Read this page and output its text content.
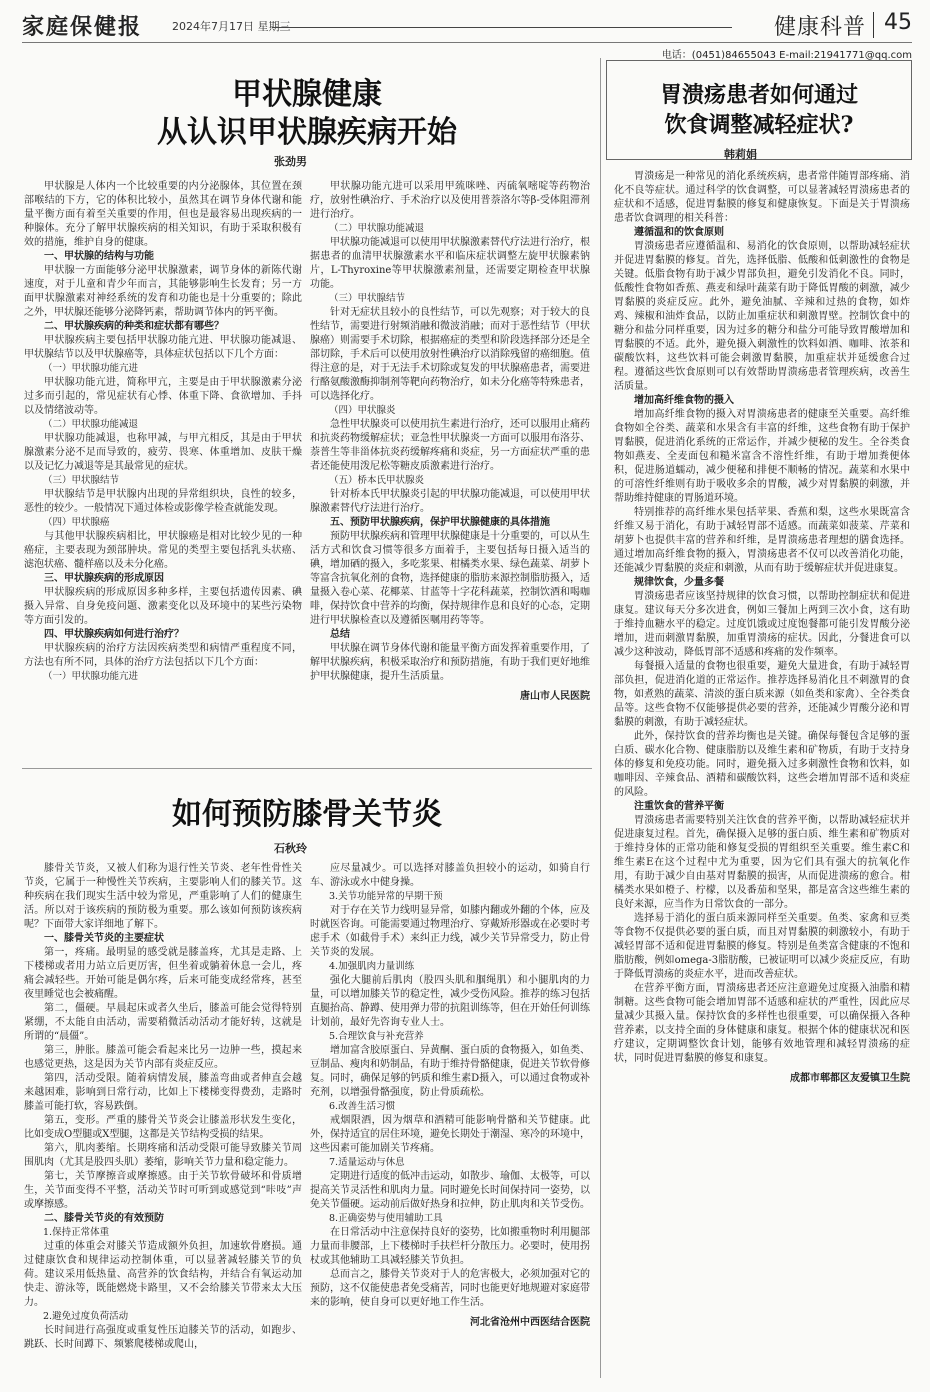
家庭保健报	2024年7月17日 星期三	健康科普 45
电话：(0451)84655043 E-mail:21941771@qq.com
甲状腺健康
从认识甲状腺疾病开始
张劲男

甲状腺是人体内一个比较重要的内分泌腺体，其位置在颈部喉结的下方，它的体积比较小，虽然其在调节身体代谢和能量平衡方面有着至关重要的作用，但也是最容易出现疾病的一种腺体。充分了解甲状腺疾病的相关知识，有助于采取积极有效的措施，维护自身的健康。

一、甲状腺的结构与功能

甲状腺一方面能够分泌甲状腺激素，调节身体的新陈代谢速度，对于儿童和青少年而言，其能够影响生长发育；另一方面甲状腺激素对神经系统的发育和功能也是十分重要的；除此之外，甲状腺还能够分泌降钙素，帮助调节体内的钙平衡。

二、甲状腺疾病的种类和症状都有哪些？

甲状腺疾病主要包括甲状腺功能亢进、甲状腺功能减退、甲状腺结节以及甲状腺癌等，具体症状包括以下几个方面：

（一）甲状腺功能亢进

甲状腺功能亢进，简称甲亢，主要是由于甲状腺激素分泌过多而引起的，常见症状有心悸、体重下降、食欲增加、手抖以及情绪波动等。

（二）甲状腺功能减退

甲状腺功能减退，也称甲减，与甲亢相反，其是由于甲状腺激素分泌不足而导致的，疲劳、畏寒、体重增加、皮肤干燥以及记忆力减退等是其最常见的症状。

（三）甲状腺结节

甲状腺结节是甲状腺内出现的异常组织块，良性的较多，恶性的较少。一般情况下通过体检或影像学检查就能发现。

（四）甲状腺癌

与其他甲状腺疾病相比，甲状腺癌是相对比较少见的一种癌症，主要表现为颈部肿块。常见的类型主要包括乳头状癌、滤泡状癌、髓样癌以及未分化癌。

三、甲状腺疾病的形成原因

甲状腺疾病的形成原因多种多样，主要包括遗传因素、碘摄入异常、自身免疫问题、激素变化以及环境中的某些污染物等方面引发的。

四、甲状腺疾病如何进行治疗？

甲状腺疾病的治疗方法因疾病类型和病情严重程度不同，方法也有所不同，具体的治疗方法包括以下几个方面：

（一）甲状腺功能亢进

甲状腺功能亢进可以采用甲巯咪唑、丙硫氧嘧啶等药物治疗，放射性碘治疗、手术治疗以及使用普萘洛尔等β-受体阻滞剂进行治疗。

（二）甲状腺功能减退

甲状腺功能减退可以使用甲状腺激素替代疗法进行治疗，根据患者的血清甲状腺激素水平和临床症状调整左旋甲状腺素钠片，L-Thyroxine等甲状腺激素剂量，还需要定期检查甲状腺功能。

（三）甲状腺结节

针对无症状且较小的良性结节，可以先观察；对于较大的良性结节，需要进行射频消融和微波消融；而对于恶性结节（甲状腺癌）则需要手术切除，根据癌症的类型和阶段选择部分还是全部切除，手术后可以使用放射性碘治疗以消除残留的癌细胞。值得注意的是，对于无法手术切除或复发的甲状腺癌患者，需要进行酪氨酸激酶抑制剂等靶向药物治疗，如未分化癌等特殊患者，可以选择化疗。

（四）甲状腺炎

急性甲状腺炎可以使用抗生素进行治疗，还可以服用止痛药和抗炎药物缓解症状；亚急性甲状腺炎一方面可以服用布洛芬、萘普生等非甾体抗炎药缓解疼痛和炎症，另一方面症状严重的患者还能使用泼尼松等糖皮质激素进行治疗。

（五）桥本氏甲状腺炎

针对桥本氏甲状腺炎引起的甲状腺功能减退，可以使用甲状腺激素替代疗法进行治疗。

五、预防甲状腺疾病，保护甲状腺健康的具体措施

预防甲状腺疾病和管理甲状腺健康是十分重要的，可以从生活方式和饮食习惯等很多方面着手，主要包括每日摄入适当的碘，增加硒的摄入，多吃浆果、柑橘类水果、绿色蔬菜、胡萝卜等富含抗氧化剂的食物，选择健康的脂肪来源控制脂肪摄入，适量摄入卷心菜、花椰菜、甘蓝等十字花科蔬菜，控制饮酒和喝咖啡，保持饮食中营养的均衡，保持规律作息和良好的心态，定期进行甲状腺检查以及遵循医嘱用药等等。

总结

甲状腺在调节身体代谢和能量平衡方面发挥着重要作用，了解甲状腺疾病，积极采取治疗和预防措施，有助于我们更好地维护甲状腺健康，提升生活质量。

唐山市人民医院

如何预防膝骨关节炎
石秋玲

膝骨关节炎，又被人们称为退行性关节炎、老年性骨性关节炎，它属于一种慢性关节疾病，主要影响人们的膝关节。这种疾病在我们现实生活中较为常见，严重影响了人们的健康生活。所以对于该疾病的预防极为重要。那么该如何预防该疾病呢？下面带大家详细地了解下。

一、膝骨关节炎的主要症状

第一，疼痛。最明显的感受就是膝盖疼，尤其是走路、上下楼梯或者用力站立后更厉害，但坐着或躺着休息一会儿，疼痛会减轻些。开始可能是偶尔疼，后来可能变成经常疼，甚至夜里睡觉也会被痛醒。

第二，僵硬。早晨起床或者久坐后，膝盖可能会觉得特别紧绷，不太能自由活动，需要稍微活动活动才能好转，这就是所谓的“晨僵”。

第三，肿胀。膝盖可能会看起来比另一边肿一些，摸起来也感觉更热，这是因为关节内部有炎症反应。

第四，活动受限。随着病情发展，膝盖弯曲或者伸直会越来越困难，影响到日常行动，比如上下楼梯变得费劲，走路时膝盖可能打软，容易跌倒。

第五，变形。严重的膝骨关节炎会让膝盖形状发生变化，比如变成O型腿或X型腿，这都是关节结构受损的结果。

第六，肌肉萎缩。长期疼痛和活动受限可能导致膝关节周围肌肉（尤其是股四头肌）萎缩，影响关节力量和稳定能力。

第七，关节摩擦音或摩擦感。由于关节软骨破坏和骨质增生，关节面变得不平整，活动关节时可听到或感觉到“咔吱”声或摩擦感。

二、膝骨关节炎的有效预防

1.保持正常体重

过重的体重会对膝关节造成额外负担，加速软骨磨损。通过健康饮食和规律运动控制体重，可以显著减轻膝关节的负荷。建议采用低热量、高营养的饮食结构，并结合有氧运动加快走、游泳等，既能燃烧卡路里，又不会给膝关节带来太大压力。

2.避免过度负荷活动

长时间进行高强度或重复性压迫膝关节的活动，如跑步、跳跃、长时间蹲下、频繁爬楼梯或爬山，

应尽量减少。可以选择对膝盖负担较小的运动，如骑自行车、游泳或水中健身操。

3.关节功能异常的早期干预

对于存在关节力线明显异常，如膝内翻或外翻的个体，应及时就医咨询。可能需要通过物理治疗、穿戴矫形器或在必要时考虑手术（如截骨手术）来纠正力线，减少关节异常受力，防止骨关节炎的发展。

4.加强肌肉力量训练

强化大腿前后肌肉（股四头肌和腘绳肌）和小腿肌肉的力量，可以增加膝关节的稳定性，减少受伤风险。推荐的练习包括直腿抬高、静蹲、使用弹力带的抗阻训练等，但在开始任何训练计划前，最好先咨询专业人士。

5.合理饮食与补充营养

增加富含胶原蛋白、异黄酮、蛋白质的食物摄入，如鱼类、豆制品、瘦肉和奶制品，有助于维持骨骼健康，促进关节软骨修复。同时，确保足够的钙质和维生素D摄入，可以通过食物或补充剂，以增强骨骼强度，防止骨质疏松。

6.改善生活习惯

戒烟限酒，因为烟草和酒精可能影响骨骼和关节健康。此外，保持适宜的居住环境，避免长期处于潮湿、寒冷的环境中，这些因素可能加剧关节疼痛。

7.适量运动与休息

定期进行适度的低冲击运动，如散步、瑜伽、太极等，可以提高关节灵活性和肌肉力量。同时避免长时间保持同一姿势，以免关节僵硬。运动前后做好热身和拉伸，防止肌肉和关节受伤。

8.正确姿势与使用辅助工具

在日常活动中注意保持良好的姿势，比如搬重物时利用腿部力量而非腰部，上下楼梯时手扶栏杆分散压力。必要时，使用拐杖或其他辅助工具减轻膝关节负担。

总而言之，膝骨关节炎对于人的危害极大，必须加强对它的预防，这不仅能使患者免受痛苦，同时也能更好地规避对家庭带来的影响，使自身可以更好地工作生活。

河北省沧州中西医结合医院

胃溃疡患者如何通过
饮食调整减轻症状?
韩莉娟

胃溃疡是一种常见的消化系统疾病，患者常伴随胃部疼痛、消化不良等症状。通过科学的饮食调整，可以显著减轻胃溃疡患者的症状和不适感，促进胃黏膜的修复和健康恢复。下面是关于胃溃疡患者饮食调理的相关科普：

遵循温和的饮食原则

胃溃疡患者应遵循温和、易消化的饮食原则，以帮助减轻症状并促进胃黏膜的修复。首先，选择低脂、低酸和低刺激性的食物是关键。低脂食物有助于减少胃部负担，避免引发消化不良。同时，低酸性食物如香蕉、燕麦和绿叶蔬菜有助于降低胃酸的刺激，减少胃黏膜的炎症反应。此外，避免油腻、辛辣和过热的食物，如炸鸡、辣椒和油炸食品，以防止加重症状和刺激胃壁。控制饮食中的糖分和盐分同样重要，因为过多的糖分和盐分可能导致胃酸增加和胃黏膜的不适。此外，避免摄入刺激性的饮料如酒、咖啡、浓茶和碳酸饮料，这些饮料可能会刺激胃黏膜，加重症状并延缓愈合过程。遵循这些饮食原则可以有效帮助胃溃疡患者管理疾病，改善生活质量。

增加高纤维食物的摄入

增加高纤维食物的摄入对胃溃疡患者的健康至关重要。高纤维食物如全谷类、蔬菜和水果含有丰富的纤维，这些食物有助于保护胃黏膜，促进消化系统的正常运作，并减少便秘的发生。全谷类食物如燕麦、全麦面包和糙米富含不溶性纤维，有助于增加粪便体积，促进肠道蠕动，减少便秘和排便不顺畅的情况。蔬菜和水果中的可溶性纤维则有助于吸收多余的胃酸，减少对胃黏膜的刺激，并帮助维持健康的胃肠道环境。

特别推荐的高纤维水果包括苹果、香蕉和梨，这些水果既富含纤维又易于消化，有助于减轻胃部不适感。而蔬菜如菠菜、芹菜和胡萝卜也提供丰富的营养和纤维，是胃溃疡患者理想的膳食选择。通过增加高纤维食物的摄入，胃溃疡患者不仅可以改善消化功能，还能减少胃黏膜的炎症和刺激，从而有助于缓解症状并促进康复。

规律饮食，少量多餐

胃溃疡患者应该坚持规律的饮食习惯，以帮助控制症状和促进康复。建议每天分多次进食，例如三餐加上两到三次小食，这有助于维持血糖水平的稳定。过度饥饿或过度饱餐都可能引发胃酸分泌增加，进而刺激胃黏膜，加重胃溃疡的症状。因此，分餐进食可以减少这种波动，降低胃部不适感和疼痛的发作频率。

每餐摄入适量的食物也很重要，避免大量进食，有助于减轻胃部负担，促进消化道的正常运作。推荐选择易消化且不刺激胃的食物，如煮熟的蔬菜、清淡的蛋白质来源（如鱼类和家禽）、全谷类食品等。这些食物不仅能够提供必要的营养，还能减少胃酸分泌和胃黏膜的刺激，有助于减轻症状。

此外，保持饮食的营养均衡也是关键。确保每餐包含足够的蛋白质、碳水化合物、健康脂肪以及维生素和矿物质，有助于支持身体的修复和免疫功能。同时，避免摄入过多刺激性食物和饮料，如咖啡因、辛辣食品、酒精和碳酸饮料，这些会增加胃部不适和炎症的风险。

注重饮食的营养平衡

胃溃疡患者需要特别关注饮食的营养平衡，以帮助减轻症状并促进康复过程。首先，确保摄入足够的蛋白质、维生素和矿物质对于维持身体的正常功能和修复受损的胃组织至关重要。维生素C和维生素E在这个过程中尤为重要，因为它们具有强大的抗氧化作用，有助于减少自由基对胃黏膜的损害，从而促进溃疡的愈合。柑橘类水果如橙子、柠檬，以及番茄和坚果，都是富含这些维生素的良好来源，应当作为日常饮食的一部分。

选择易于消化的蛋白质来源同样至关重要。鱼类、家禽和豆类等食物不仅提供必要的蛋白质，而且对胃黏膜的刺激较小，有助于减轻胃部不适和促进胃黏膜的修复。特别是鱼类富含健康的不饱和脂肪酸，例如omega-3脂肪酸，已被证明可以减少炎症反应，有助于降低胃溃疡的炎症水平，进而改善症状。

在营养平衡方面，胃溃疡患者还应注意避免过度摄入油脂和精制糖。这些食物可能会增加胃部不适感和症状的严重性，因此应尽量减少其摄入量。保持饮食的多样性也很重要，可以确保摄入各种营养素，以支持全面的身体健康和康复。根据个体的健康状况和医疗建议，定期调整饮食计划，能够有效地管理和减轻胃溃疡的症状，同时促进胃黏膜的修复和康复。

成都市郫都区友爱镇卫生院
